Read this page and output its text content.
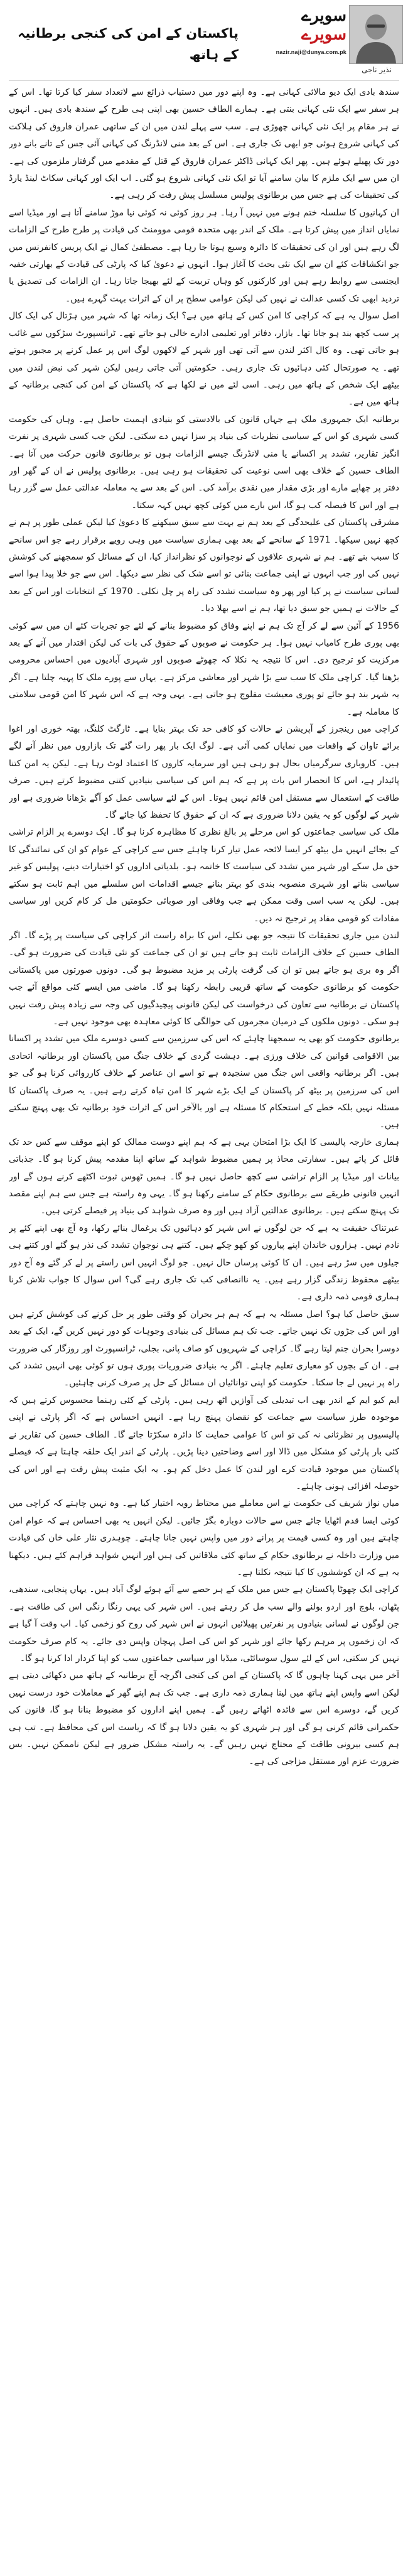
سویرے
سویرے
nazir.naji@dunya.com.pk
نذیر ناجی
پاکستان کے امن کی کنجی برطانیہ کے ہاتھ

سندھ بادی ایک دیو مالائی کہانی ہے۔ وہ اپنے دور میں دستیاب ذرائع سے لاتعداد سفر کیا کرتا تھا۔ اس کے ہر سفر سے ایک نئی کہانی بنتی ہے۔ ہمارے الطاف حسین بھی اپنی ہی طرح کے سندھ بادی ہیں۔ انہوں نے ہر مقام پر ایک نئی کہانی چھوڑی ہے۔ سب سے پہلے لندن میں ان کے ساتھی عمران فاروق کی ہلاکت کی کہانی شروع ہوئی جو ابھی تک جاری ہے۔ اس کے بعد منی لانڈرنگ کی کہانی آئی جس کے تانے بانے دور دور تک پھیلے ہوئے ہیں۔ پھر ایک کہانی ڈاکٹر عمران فاروق کے قتل کے مقدمے میں گرفتار ملزموں کی ہے۔ ان میں سے ایک ملزم کا بیان سامنے آیا تو ایک نئی کہانی شروع ہو گئی۔ اب ایک اور کہانی سکاٹ لینڈ یارڈ کی تحقیقات کی ہے جس میں برطانوی پولیس مسلسل پیش رفت کر رہی ہے۔

ان کہانیوں کا سلسلہ ختم ہونے میں نہیں آ رہا۔ ہر روز کوئی نہ کوئی نیا موڑ سامنے آتا ہے اور میڈیا اسے نمایاں انداز میں پیش کرتا ہے۔ ملک کے اندر بھی متحدہ قومی موومنٹ کی قیادت پر طرح طرح کے الزامات لگ رہے ہیں اور ان کی تحقیقات کا دائرہ وسیع ہوتا جا رہا ہے۔ مصطفیٰ کمال نے ایک پریس کانفرنس میں جو انکشافات کئے ان سے ایک نئی بحث کا آغاز ہوا۔ انہوں نے دعویٰ کیا کہ پارٹی کی قیادت کے بھارتی خفیہ ایجنسی سے روابط رہے ہیں اور کارکنوں کو وہاں تربیت کے لئے بھیجا جاتا رہا۔ ان الزامات کی تصدیق یا تردید ابھی تک کسی عدالت نے نہیں کی لیکن عوامی سطح پر ان کے اثرات بہت گہرے ہیں۔

اصل سوال یہ ہے کہ کراچی کا امن کس کے ہاتھ میں ہے؟ ایک زمانہ تھا کہ شہر میں ہڑتال کی ایک کال پر سب کچھ بند ہو جاتا تھا۔ بازار، دفاتر اور تعلیمی ادارے خالی ہو جاتے تھے۔ ٹرانسپورٹ سڑکوں سے غائب ہو جاتی تھی۔ وہ کال اکثر لندن سے آتی تھی اور شہر کے لاکھوں لوگ اس پر عمل کرنے پر مجبور ہوتے تھے۔ یہ صورتحال کئی دہائیوں تک جاری رہی۔ حکومتیں آتی جاتی رہیں لیکن شہر کی نبض لندن میں بیٹھے ایک شخص کے ہاتھ میں رہی۔ اسی لئے میں نے لکھا ہے کہ پاکستان کے امن کی کنجی برطانیہ کے ہاتھ میں ہے۔

برطانیہ ایک جمہوری ملک ہے جہاں قانون کی بالادستی کو بنیادی اہمیت حاصل ہے۔ وہاں کی حکومت کسی شہری کو اس کے سیاسی نظریات کی بنیاد پر سزا نہیں دے سکتی۔ لیکن جب کسی شہری پر نفرت انگیز تقاریر، تشدد پر اکسانے یا منی لانڈرنگ جیسے الزامات ہوں تو برطانوی قانون حرکت میں آتا ہے۔ الطاف حسین کے خلاف بھی اسی نوعیت کی تحقیقات ہو رہی ہیں۔ برطانوی پولیس نے ان کے گھر اور دفتر پر چھاپے مارے اور بڑی مقدار میں نقدی برآمد کی۔ اس کے بعد سے یہ معاملہ عدالتی عمل سے گزر رہا ہے اور اس کا فیصلہ کب ہو گا، اس بارے میں کوئی کچھ نہیں کہہ سکتا۔

مشرقی پاکستان کی علیحدگی کے بعد ہم نے بہت سے سبق سیکھنے کا دعویٰ کیا لیکن عملی طور پر ہم نے کچھ نہیں سیکھا۔ 1971 کے سانحے کے بعد بھی ہماری سیاست میں وہی رویے برقرار رہے جو اس سانحے کا سبب بنے تھے۔ ہم نے شہری علاقوں کے نوجوانوں کو نظرانداز کیا، ان کے مسائل کو سمجھنے کی کوشش نہیں کی اور جب انہوں نے اپنی جماعت بنائی تو اسے شک کی نظر سے دیکھا۔ اس سے جو خلا پیدا ہوا اسے لسانی سیاست نے پر کیا اور پھر وہ سیاست تشدد کی راہ پر چل نکلی۔ 1970 کے انتخابات اور اس کے بعد کے حالات نے ہمیں جو سبق دیا تھا، ہم نے اسے بھلا دیا۔

1956 کے آئین سے لے کر آج تک ہم نے اپنے وفاق کو مضبوط بنانے کے لئے جو تجربات کئے ان میں سے کوئی بھی پوری طرح کامیاب نہیں ہوا۔ ہر حکومت نے صوبوں کے حقوق کی بات کی لیکن اقتدار میں آنے کے بعد مرکزیت کو ترجیح دی۔ اس کا نتیجہ یہ نکلا کہ چھوٹے صوبوں اور شہری آبادیوں میں احساس محرومی بڑھتا گیا۔ کراچی ملک کا سب سے بڑا شہر اور معاشی مرکز ہے۔ یہاں سے پورے ملک کا پہیہ چلتا ہے۔ اگر یہ شہر بند ہو جائے تو پوری معیشت مفلوج ہو جاتی ہے۔ یہی وجہ ہے کہ اس شہر کا امن قومی سلامتی کا معاملہ ہے۔

کراچی میں رینجرز کے آپریشن نے حالات کو کافی حد تک بہتر بنایا ہے۔ ٹارگٹ کلنگ، بھتہ خوری اور اغوا برائے تاوان کے واقعات میں نمایاں کمی آئی ہے۔ لوگ ایک بار پھر رات گئے تک بازاروں میں نظر آنے لگے ہیں۔ کاروباری سرگرمیاں بحال ہو رہی ہیں اور سرمایہ کاروں کا اعتماد لوٹ رہا ہے۔ لیکن یہ امن کتنا پائیدار ہے، اس کا انحصار اس بات پر ہے کہ ہم اس کی سیاسی بنیادیں کتنی مضبوط کرتے ہیں۔ صرف طاقت کے استعمال سے مستقل امن قائم نہیں ہوتا۔ اس کے لئے سیاسی عمل کو آگے بڑھانا ضروری ہے اور شہر کے لوگوں کو یہ یقین دلانا ضروری ہے کہ ان کے حقوق کا تحفظ کیا جائے گا۔

ملک کی سیاسی جماعتوں کو اس مرحلے پر بالغ نظری کا مظاہرہ کرنا ہو گا۔ ایک دوسرے پر الزام تراشی کے بجائے انہیں مل بیٹھ کر ایسا لائحہ عمل تیار کرنا چاہئے جس سے کراچی کے عوام کو ان کی نمائندگی کا حق مل سکے اور شہر میں تشدد کی سیاست کا خاتمہ ہو۔ بلدیاتی اداروں کو اختیارات دینے، پولیس کو غیر سیاسی بنانے اور شہری منصوبہ بندی کو بہتر بنانے جیسے اقدامات اس سلسلے میں اہم ثابت ہو سکتے ہیں۔ لیکن یہ سب اسی وقت ممکن ہے جب وفاقی اور صوبائی حکومتیں مل کر کام کریں اور سیاسی مفادات کو قومی مفاد پر ترجیح نہ دیں۔

لندن میں جاری تحقیقات کا نتیجہ جو بھی نکلے، اس کا براہ راست اثر کراچی کی سیاست پر پڑے گا۔ اگر الطاف حسین کے خلاف الزامات ثابت ہو جاتے ہیں تو ان کی جماعت کو نئی قیادت کی ضرورت ہو گی۔ اگر وہ بری ہو جاتے ہیں تو ان کی گرفت پارٹی پر مزید مضبوط ہو گی۔ دونوں صورتوں میں پاکستانی حکومت کو برطانوی حکومت کے ساتھ قریبی رابطہ رکھنا ہو گا۔ ماضی میں ایسے کئی مواقع آئے جب پاکستان نے برطانیہ سے تعاون کی درخواست کی لیکن قانونی پیچیدگیوں کی وجہ سے زیادہ پیش رفت نہیں ہو سکی۔ دونوں ملکوں کے درمیان مجرموں کی حوالگی کا کوئی معاہدہ بھی موجود نہیں ہے۔

برطانوی حکومت کو بھی یہ سمجھنا چاہئے کہ اس کی سرزمین سے کسی دوسرے ملک میں تشدد پر اکسانا بین الاقوامی قوانین کی خلاف ورزی ہے۔ دہشت گردی کے خلاف جنگ میں پاکستان اور برطانیہ اتحادی ہیں۔ اگر برطانیہ واقعی اس جنگ میں سنجیدہ ہے تو اسے ان عناصر کے خلاف کارروائی کرنا ہو گی جو اس کی سرزمین پر بیٹھ کر پاکستان کے ایک بڑے شہر کا امن تباہ کرتے رہے ہیں۔ یہ صرف پاکستان کا مسئلہ نہیں بلکہ خطے کے استحکام کا مسئلہ ہے اور بالآخر اس کے اثرات خود برطانیہ تک بھی پہنچ سکتے ہیں۔

ہماری خارجہ پالیسی کا ایک بڑا امتحان یہی ہے کہ ہم اپنے دوست ممالک کو اپنے موقف سے کس حد تک قائل کر پاتے ہیں۔ سفارتی محاذ پر ہمیں مضبوط شواہد کے ساتھ اپنا مقدمہ پیش کرنا ہو گا۔ جذباتی بیانات اور میڈیا پر الزام تراشی سے کچھ حاصل نہیں ہو گا۔ ہمیں ٹھوس ثبوت اکٹھے کرنے ہوں گے اور انہیں قانونی طریقے سے برطانوی حکام کے سامنے رکھنا ہو گا۔ یہی وہ راستہ ہے جس سے ہم اپنے مقصد تک پہنچ سکتے ہیں۔ برطانوی عدالتیں آزاد ہیں اور وہ صرف شواہد کی بنیاد پر فیصلے کرتی ہیں۔

عبرتناک حقیقت یہ ہے کہ جن لوگوں نے اس شہر کو دہائیوں تک یرغمال بنائے رکھا، وہ آج بھی اپنے کئے پر نادم نہیں۔ ہزاروں خاندان اپنے پیاروں کو کھو چکے ہیں۔ کتنے ہی نوجوان تشدد کی نذر ہو گئے اور کتنے ہی جیلوں میں سڑ رہے ہیں۔ ان کا کوئی پرسان حال نہیں۔ جو لوگ انہیں اس راستے پر لے کر گئے وہ آج دور بیٹھے محفوظ زندگی گزار رہے ہیں۔ یہ ناانصافی کب تک جاری رہے گی؟ اس سوال کا جواب تلاش کرنا ہماری قومی ذمہ داری ہے۔

سبق حاصل کیا ہو؟ اصل مسئلہ یہ ہے کہ ہم ہر بحران کو وقتی طور پر حل کرنے کی کوشش کرتے ہیں اور اس کی جڑوں تک نہیں جاتے۔ جب تک ہم مسائل کی بنیادی وجوہات کو دور نہیں کریں گے، ایک کے بعد دوسرا بحران جنم لیتا رہے گا۔ کراچی کے شہریوں کو صاف پانی، بجلی، ٹرانسپورٹ اور روزگار کی ضرورت ہے۔ ان کے بچوں کو معیاری تعلیم چاہئے۔ اگر یہ بنیادی ضروریات پوری ہوں تو کوئی بھی انہیں تشدد کی راہ پر نہیں لے جا سکتا۔ حکومت کو اپنی توانائیاں ان مسائل کے حل پر صرف کرنی چاہئیں۔

ایم کیو ایم کے اندر بھی اب تبدیلی کی آوازیں اٹھ رہی ہیں۔ پارٹی کے کئی رہنما محسوس کرتے ہیں کہ موجودہ طرز سیاست سے جماعت کو نقصان پہنچ رہا ہے۔ انہیں احساس ہے کہ اگر پارٹی نے اپنی پالیسیوں پر نظرثانی نہ کی تو اس کا عوامی حمایت کا دائرہ سکڑتا جائے گا۔ الطاف حسین کی تقاریر نے کئی بار پارٹی کو مشکل میں ڈالا اور اسے وضاحتیں دینا پڑیں۔ پارٹی کے اندر ایک حلقہ چاہتا ہے کہ فیصلے پاکستان میں موجود قیادت کرے اور لندن کا عمل دخل کم ہو۔ یہ ایک مثبت پیش رفت ہے اور اس کی حوصلہ افزائی ہونی چاہئے۔

میاں نواز شریف کی حکومت نے اس معاملے میں محتاط رویہ اختیار کیا ہے۔ وہ نہیں چاہتے کہ کراچی میں کوئی ایسا قدم اٹھایا جائے جس سے حالات دوبارہ بگڑ جائیں۔ لیکن انہیں یہ بھی احساس ہے کہ عوام امن چاہتے ہیں اور وہ کسی قیمت پر پرانے دور میں واپس نہیں جانا چاہتے۔ چوہدری نثار علی خان کی قیادت میں وزارت داخلہ نے برطانوی حکام کے ساتھ کئی ملاقاتیں کی ہیں اور انہیں شواہد فراہم کئے ہیں۔ دیکھنا یہ ہے کہ ان کوششوں کا کیا نتیجہ نکلتا ہے۔

کراچی ایک چھوٹا پاکستان ہے جس میں ملک کے ہر حصے سے آئے ہوئے لوگ آباد ہیں۔ یہاں پنجابی، سندھی، پٹھان، بلوچ اور اردو بولنے والے سب مل کر رہتے ہیں۔ اس شہر کی یہی رنگا رنگی اس کی طاقت ہے۔ جن لوگوں نے لسانی بنیادوں پر نفرتیں پھیلائیں انہوں نے اس شہر کی روح کو زخمی کیا۔ اب وقت آ گیا ہے کہ ان زخموں پر مرہم رکھا جائے اور شہر کو اس کی اصل پہچان واپس دی جائے۔ یہ کام صرف حکومت نہیں کر سکتی، اس کے لئے سول سوسائٹی، میڈیا اور سیاسی جماعتوں سب کو اپنا کردار ادا کرنا ہو گا۔

آخر میں یہی کہنا چاہوں گا کہ پاکستان کے امن کی کنجی اگرچہ آج برطانیہ کے ہاتھ میں دکھائی دیتی ہے لیکن اسے واپس اپنے ہاتھ میں لینا ہماری ذمہ داری ہے۔ جب تک ہم اپنے گھر کے معاملات خود درست نہیں کریں گے، دوسرے اس سے فائدہ اٹھاتے رہیں گے۔ ہمیں اپنے اداروں کو مضبوط بنانا ہو گا، قانون کی حکمرانی قائم کرنی ہو گی اور ہر شہری کو یہ یقین دلانا ہو گا کہ ریاست اس کی محافظ ہے۔ تب ہی ہم کسی بیرونی طاقت کے محتاج نہیں رہیں گے۔ یہ راستہ مشکل ضرور ہے لیکن ناممکن نہیں۔ بس ضرورت عزم اور مستقل مزاجی کی ہے۔
